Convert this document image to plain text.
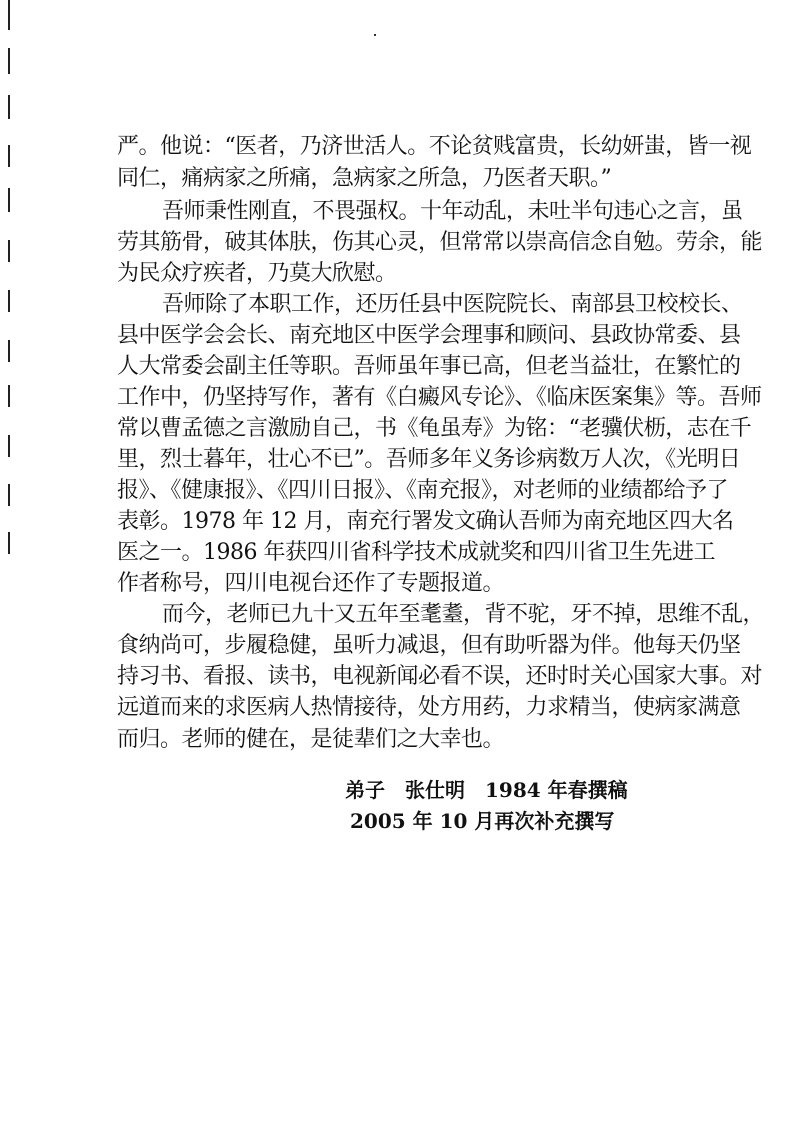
严。他说：“医者，乃济世活人。不论贫贱富贵，长幼妍蚩，皆一视
同仁，痛病家之所痛，急病家之所急，乃医者天职。”
吾师秉性刚直，不畏强权。十年动乱，未吐半句违心之言，虽
劳其筋骨，破其体肤，伤其心灵，但常常以崇高信念自勉。劳余，能
为民众疗疾者，乃莫大欣慰。
吾师除了本职工作，还历任县中医院院长、南部县卫校校长、
县中医学会会长、南充地区中医学会理事和顾问、县政协常委、县
人大常委会副主任等职。吾师虽年事已高，但老当益壮，在繁忙的
工作中，仍坚持写作，著有《白癜风专论》、《临床医案集》等。吾师
常以曹孟德之言激励自己，书《龟虽寿》为铭：“老骥伏枥，志在千
里，烈士暮年，壮心不已”。吾师多年义务诊病数万人次，《光明日
报》、《健康报》、《四川日报》、《南充报》，对老师的业绩都给予了
表彰。1978 年 12 月，南充行署发文确认吾师为南充地区四大名
医之一。1986 年获四川省科学技术成就奖和四川省卫生先进工
作者称号，四川电视台还作了专题报道。
而今，老师已九十又五年至耄耋，背不驼，牙不掉，思维不乱，
食纳尚可，步履稳健，虽听力减退，但有助听器为伴。他每天仍坚
持习书、看报、读书，电视新闻必看不误，还时时关心国家大事。对
远道而来的求医病人热情接待，处方用药，力求精当，使病家满意
而归。老师的健在，是徒辈们之大幸也。
弟子　张仕明　1984 年春撰稿
2005 年 10 月再次补充撰写
